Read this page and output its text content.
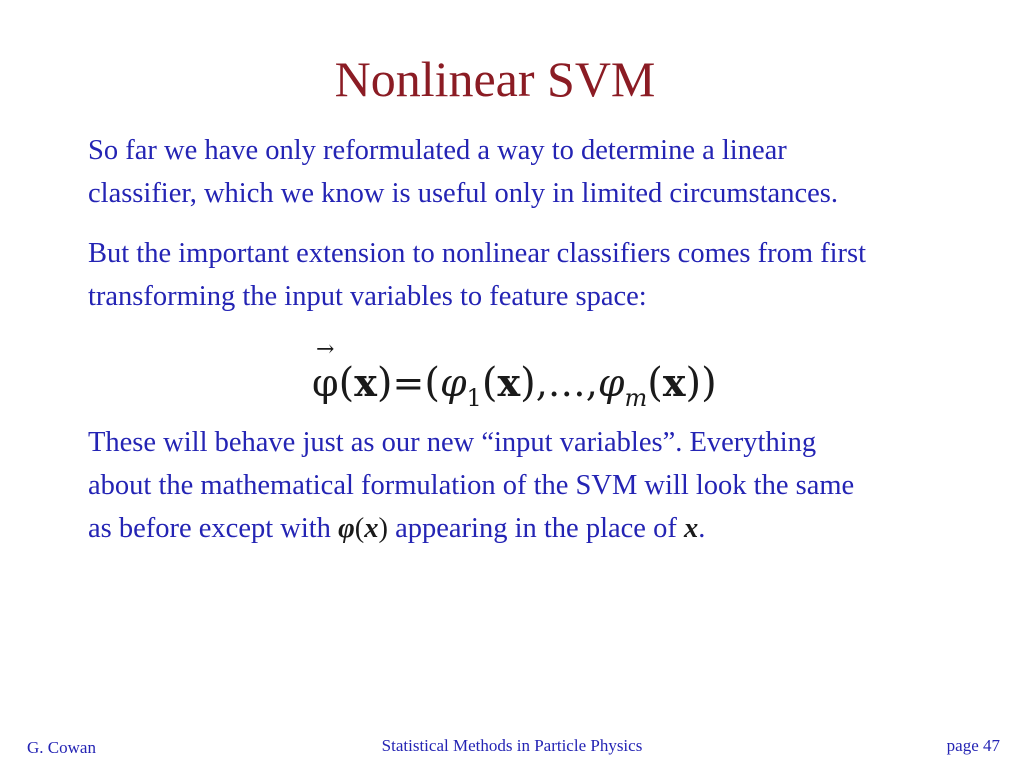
Nonlinear SVM

So far we have only reformulated a way to determine a linear

classifier, which we know is useful only in limited circumstances.

But the important extension to nonlinear classifiers comes from first

transforming the input variables to feature space:

→
$\varphi(x)=(\varphi_1(x),\dots,\varphi_m(x))$

These will behave just as our new “input variables”. Everything

about the mathematical formulation of the SVM will look the same

as before except with φ(x) appearing in the place of x.

G. Cowan	Statistical Methods in Particle Physics	page 47
